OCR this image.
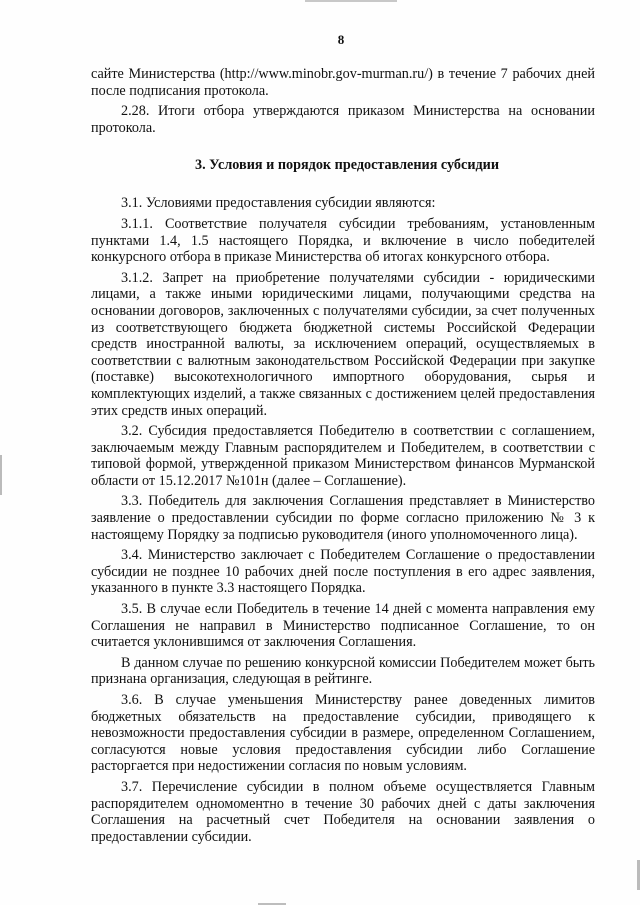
8

сайте Министерства (http://www.minobr.gov-murman.ru/) в течение 7 рабочих дней после подписания протокола.

2.28. Итоги отбора утверждаются приказом Министерства на основании протокола.

3. Условия и порядок предоставления субсидии

3.1. Условиями предоставления субсидии являются:

3.1.1. Соответствие получателя субсидии требованиям, установленным пунктами 1.4, 1.5 настоящего Порядка, и включение в число победителей конкурсного отбора в приказе Министерства об итогах конкурсного отбора.

3.1.2. Запрет на приобретение получателями субсидии - юридическими лицами, а также иными юридическими лицами, получающими средства на основании договоров, заключенных с получателями субсидии, за счет полученных из соответствующего бюджета бюджетной системы Российской Федерации средств иностранной валюты, за исключением операций, осуществляемых в соответствии с валютным законодательством Российской Федерации при закупке (поставке) высокотехнологичного импортного оборудования, сырья и комплектующих изделий, а также связанных с достижением целей предоставления этих средств иных операций.

3.2. Субсидия предоставляется Победителю в соответствии с соглашением, заключаемым между Главным распорядителем и Победителем, в соответствии с типовой формой, утвержденной приказом Министерством финансов Мурманской области от 15.12.2017 №101н (далее – Соглашение).

3.3. Победитель для заключения Соглашения представляет в Министерство заявление о предоставлении субсидии по форме согласно приложению № 3 к настоящему Порядку за подписью руководителя (иного уполномоченного лица).

3.4. Министерство заключает с Победителем Соглашение о предоставлении субсидии не позднее 10 рабочих дней после поступления в его адрес заявления, указанного в пункте 3.3 настоящего Порядка.

3.5. В случае если Победитель в течение 14 дней с момента направления ему Соглашения не направил в Министерство подписанное Соглашение, то он считается уклонившимся от заключения Соглашения.

В данном случае по решению конкурсной комиссии Победителем может быть признана организация, следующая в рейтинге.

3.6. В случае уменьшения Министерству ранее доведенных лимитов бюджетных обязательств на предоставление субсидии, приводящего к невозможности предоставления субсидии в размере, определенном Соглашением, согласуются новые условия предоставления субсидии либо Соглашение расторгается при недостижении согласия по новым условиям.

3.7. Перечисление субсидии в полном объеме осуществляется Главным распорядителем одномоментно в течение 30 рабочих дней с даты заключения Соглашения на расчетный счет Победителя на основании заявления о предоставлении субсидии.
